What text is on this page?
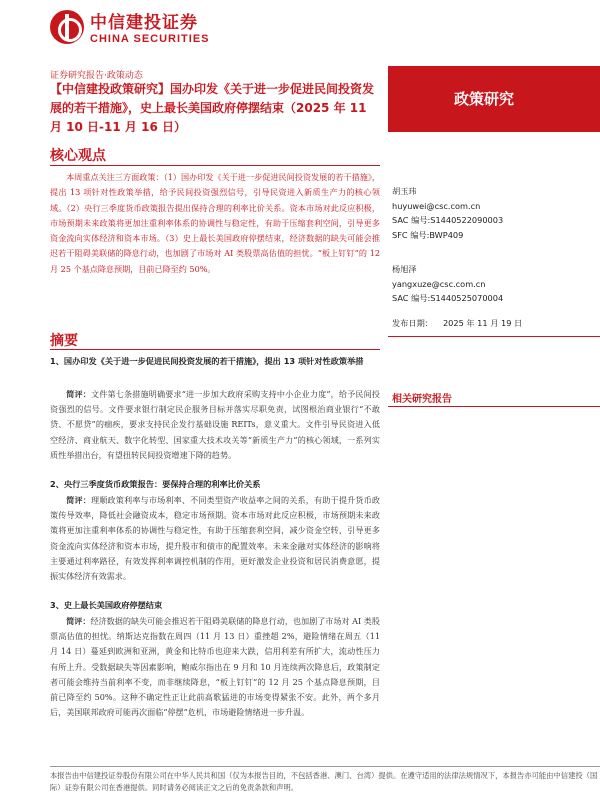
中信建投证券
CHINA SECURITIES
证券研究报告·政策动态
【中信建投政策研究】国办印发《关于进一步促进民间投资发展的若干措施》，史上最长美国政府停摆结束（2025 年 11 月 10 日-11 月 16 日）
政策研究
核心观点
本周重点关注三方面政策：（1）国办印发《关于进一步促进民间投资发展的若干措施》，提出 13 项针对性政策举措，给予民间投资强烈信号，引导民资进入新质生产力的核心领域。（2）央行三季度货币政策报告提出保持合理的利率比价关系。资本市场对此反应积极，市场预期未来政策将更加注重利率体系的协调性与稳定性，有助于压缩套利空间，引导更多资金流向实体经济和资本市场。（3）史上最长美国政府停摆结束，经济数据的缺失可能会推迟若干阻碍美联储的降息行动，也加剧了市场对 AI 类股票高估值的担忧。“板上钉钉”的 12 月 25 个基点降息预期，目前已降至约 50%。
胡玉玮
huyuwei@csc.com.cn
SAC 编号:S1440522090003
SFC 编号:BWP409
杨旭泽
yangxuze@csc.com.cn
SAC 编号:S1440525070004
发布日期： 2025 年 11 月 19 日
相关研究报告
摘要
1、国办印发《关于进一步促进民间投资发展的若干措施》，提出 13 项针对性政策举措
简评：文件第七条措施明确要求“进一步加大政府采购支持中小企业力度”，给予民间投资强烈的信号。文件要求银行制定民企服务目标并落实尽职免责，试图根治商业银行“不敢贷、不愿贷”的痼疾，要求支持民企发行基础设施 REITs，意义重大。文件引导民资进入低空经济、商业航天、数字化转型、国家重大技术攻关等“新质生产力”的核心领域，一系列实质性举措出台，有望扭转民间投资增速下降的趋势。
2、央行三季度货币政策报告：要保持合理的利率比价关系
简评：理顺政策利率与市场利率、不同类型资产收益率之间的关系，有助于提升货币政策传导效率，降低社会融资成本，稳定市场预期。资本市场对此反应积极，市场预期未来政策将更加注重利率体系的协调性与稳定性，有助于压缩套利空间，减少资金空转，引导更多资金流向实体经济和资本市场，提升股市和债市的配置效率。未来金融对实体经济的影响将主要通过利率路径，有效发挥利率调控机制的作用，更好激发企业投资和居民消费意愿，提振实体经济有效需求。
3、史上最长美国政府停摆结束
简评：经济数据的缺失可能会推迟若干阻碍美联储的降息行动，也加剧了市场对 AI 类股票高估值的担忧。纳斯达克指数在周四（11 月 13 日）重挫超 2%，避险情绪在周五（11 月 14 日）蔓延到欧洲和亚洲，黄金和比特币也迎来大跌，信用利差有所扩大，流动性压力有所上升。受数据缺失等因素影响，鲍威尔指出在 9 月和 10 月连续两次降息后，政策制定者可能会维持当前利率不变，而非继续降息，“板上钉钉”的 12 月 25 个基点降息预期，目前已降至约 50%。这种不确定性正让此前高歌猛进的市场变得紧张不安。此外，两个多月后，美国联邦政府可能再次面临“停摆”危机，市场避险情绪进一步升温。
本报告由中信建投证券股份有限公司在中华人民共和国（仅为本报告目的，不包括香港、澳门、台湾）提供。在遵守适用的法律法规情况下，本报告亦可能由中信建投（国际）证券有限公司在香港提供。同时请务必阅读正文之后的免责条款和声明。
